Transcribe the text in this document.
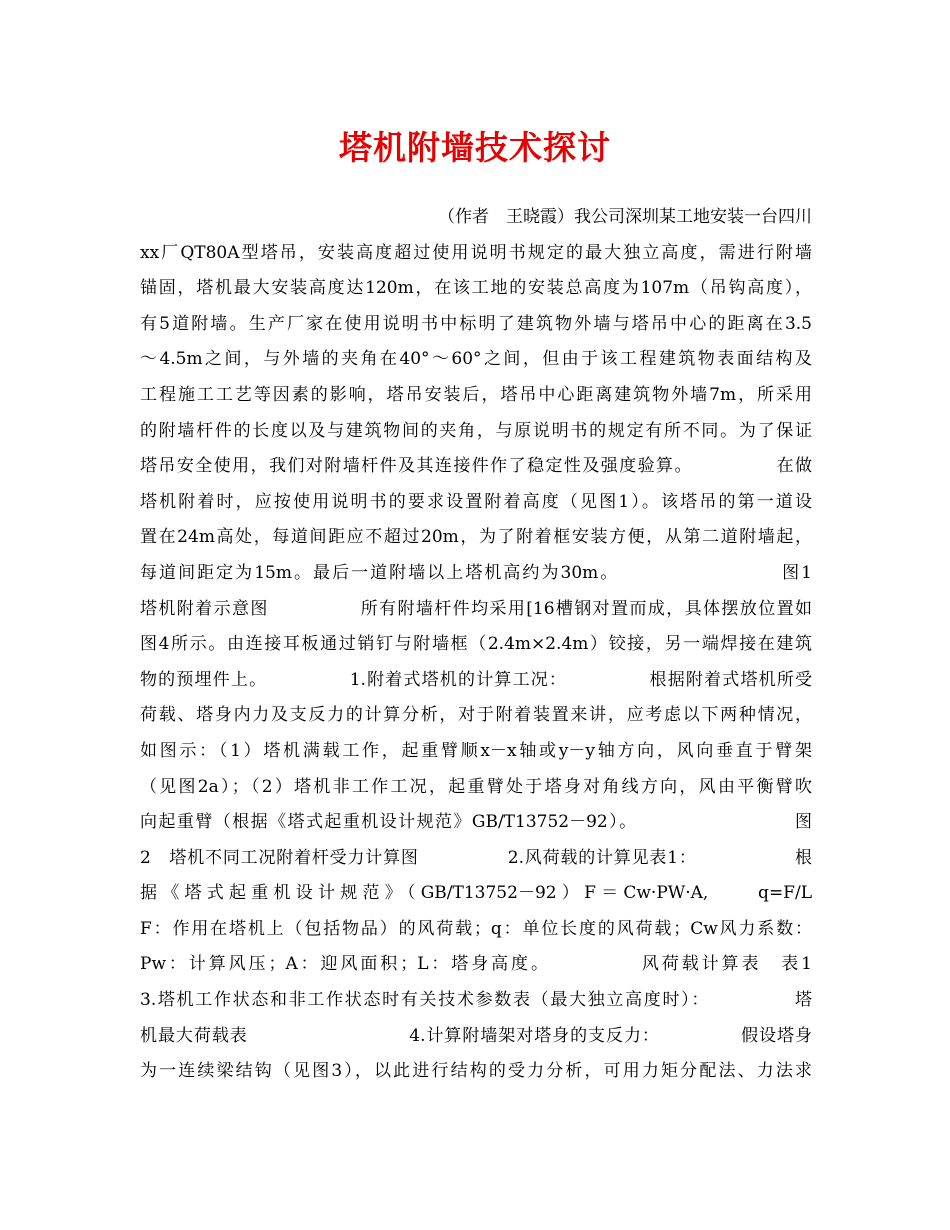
塔机附墙技术探讨
（作者　王晓霞）我公司深圳某工地安装一台四川
xx厂QT80A型塔吊，安装高度超过使用说明书规定的最大独立高度，需进行附墙
锚固，塔机最大安装高度达120m，在该工地的安装总高度为107m（吊钩高度），
有5道附墙。生产厂家在使用说明书中标明了建筑物外墙与塔吊中心的距离在3.5
～4.5m之间，与外墙的夹角在40°～60°之间，但由于该工程建筑物表面结构及
工程施工工艺等因素的影响，塔吊安装后，塔吊中心距离建筑物外墙7m，所采用
的附墙杆件的长度以及与建筑物间的夹角，与原说明书的规定有所不同。为了保证
塔吊安全使用，我们对附墙杆件及其连接件作了稳定性及强度验算。　　　　　在做
塔机附着时，应按使用说明书的要求设置附着高度（见图1）。该塔吊的第一道设
置在24m高处，每道间距应不超过20m，为了附着框安装方便，从第二道附墙起，
每道间距定为15m。最后一道附墙以上塔机高约为30m。　　　　　　　　　图1
塔机附着示意图　　　　　所有附墙杆件均采用[16槽钢对置而成，具体摆放位置如
图4所示。由连接耳板通过销钉与附墙框（2.4m×2.4m）铰接，另一端焊接在建筑
物的预埋件上。　　　　　1.附着式塔机的计算工况：　　　　　根据附着式塔机所受
荷载、塔身内力及支反力的计算分析，对于附着装置来讲，应考虑以下两种情况，
如图示：（1）塔机满载工作，起重臂顺x－x轴或y－y轴方向，风向垂直于臂架
（见图2a）；（2）塔机非工作工况，起重臂处于塔身对角线方向，风由平衡臂吹
向起重臂（根据《塔式起重机设计规范》GB/T13752－92）。　　　　　　　　　图
2　塔机不同工况附着杆受力计算图　　　　　2.风荷载的计算见表1：　　　　　　根
据《塔式起重机设计规范》（GB/T13752－92）F＝Cw·PW·A,　　q=F/L
F：作用在塔机上（包括物品）的风荷载；q：单位长度的风荷载；Cw风力系数：
Pw：计算风压；A：迎风面积；L：塔身高度。　　　　　风荷载计算表　表1
3.塔机工作状态和非工作状态时有关技术参数表（最大独立高度时）：　　　　　塔
机最大荷载表　　　　　　　　　4.计算附墙架对塔身的支反力：　　　　　假设塔身
为一连续梁结钩（见图3），以此进行结构的受力分析，可用力矩分配法、力法求
